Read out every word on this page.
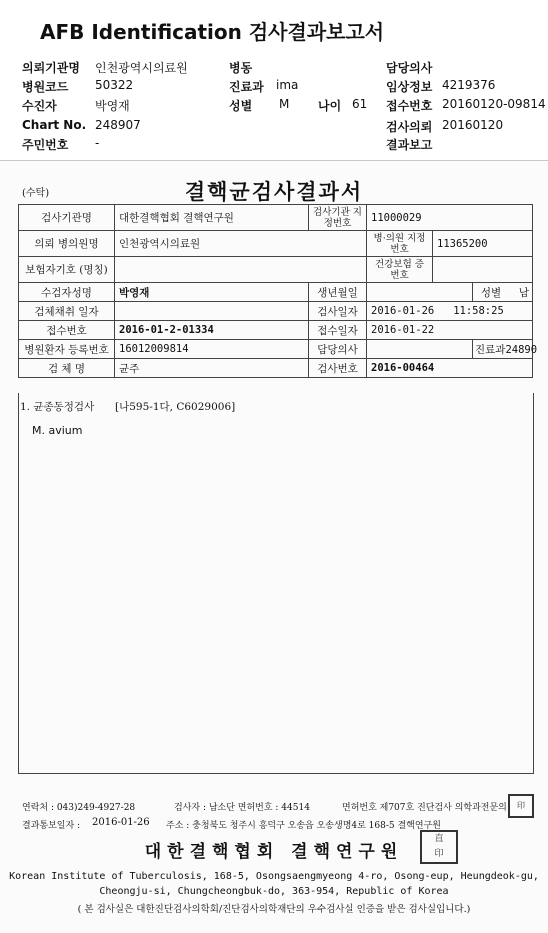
AFB Identification 검사결과보고서
의뢰기관명 인천광역시의료원	병동	담당의사
병원코드 50322	진료과 ima	임상정보 4219376
수진자	박영재	성별 M 나이 61 접수번호 20160120-09814
Chart No. 248907	검사의뢰 20160120
주민번호 -	결과보고
(수탁)	결핵균검사결과서
검사기관명	대한결핵협회 결핵연구원	검사기관 지정번호	11000029		
의뢰 병의원명	인천광역시의료원		병·의원 지정번호	11365200	
보험자기호 (명칭)			건강보험 증번호		
수검자성명	박영재	생년월일			성별 남
검체채취 일자		검사일자	2016-01-26 11:58:25		
접수번호	2016-01-2-01334	접수일자	2016-01-22		
병원환자 등록번호	16012009814	담당의사			진료과24890
검 체 명	균주	검사번호	2016-00464		
1. 균종동정검사 [나595-1다, C6029006]
M. avium
연락처 : 043)249-4927-28	검사자 : 남소단 면허번호 : 44514	면허번호 제707호 진단검사 의학과전문의	印
결과통보일자 : 2016-01-26 주소 : 충청북도 청주시 흥덕구 오송읍 오송생명4로 168-5 결핵연구원
대한결핵협회 결핵연구원
直
印
Korean Institute of Tuberculosis, 168-5, Osongsaengmyeong 4-ro, Osong-eup, Heungdeok-gu,
Cheongju-si, Chungcheongbuk-do, 363-954, Republic of Korea
( 본 검사실은 대한진단검사의학회/진단검사의학재단의 우수검사실 인증을 받은 검사실입니다.)
